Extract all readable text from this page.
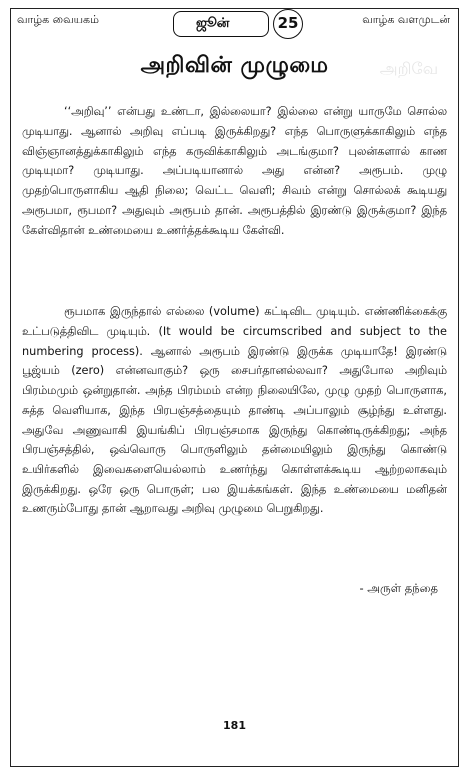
வாழ்க வையகம்	ஜூன்	25	வாழ்க வளமுடன்
அறிவின் முழுமை	அறிவே

‘‘அறிவு’’ என்பது உண்டா, இல்லையா? இல்லை என்று யாருமே சொல்ல முடியாது. ஆனால் அறிவு எப்படி இருக்கிறது? எந்த பொருளுக்காகிலும் எந்த விஞ்ஞானத்துக்காகிலும் எந்த கருவிக்காகிலும் அடங்குமா? புலன்களால் காண முடியுமா? முடியாது. அப்படியானால் அது என்ன? அரூபம். முழு முதற்பொருளாகிய ஆதி நிலை; வெட்ட வெளி; சிவம் என்று சொல்லக் கூடியது அரூபமா, ரூபமா? அதுவும் அரூபம் தான். அரூபத்தில் இரண்டு இருக்குமா? இந்த கேள்விதான் உண்மையை உணர்த்தக்கூடிய கேள்வி.

ரூபமாக இருந்தால் எல்லை (volume) கட்டிவிட முடியும். எண்ணிக்கைக்கு உட்படுத்திவிட முடியும். (It would be circumscribed and subject to the numbering process). ஆனால் அரூபம் இரண்டு இருக்க முடியாதே! இரண்டு பூஜ்யம் (zero) என்னவாகும்? ஒரு சைபர்தானல்லவா? அதுபோல அறிவும் பிரம்மமும் ஒன்றுதான். அந்த பிரம்மம் என்ற நிலையிலே, முழு முதற் பொருளாக, சுத்த வெளியாக, இந்த பிரபஞ்சத்தையும் தாண்டி அப்பாலும் சூழ்ந்து உள்ளது. அதுவே அணுவாகி இயங்கிப் பிரபஞ்சமாக இருந்து கொண்டிருக்கிறது; அந்த பிரபஞ்சத்தில், ஒவ்வொரு பொருளிலும் தன்மையிலும் இருந்து கொண்டு உயிர்களில் இவைகளையெல்லாம் உணர்ந்து கொள்ளக்கூடிய ஆற்றலாகவும் இருக்கிறது. ஒரே ஒரு பொருள்; பல இயக்கங்கள். இந்த உண்மையை மனிதன் உணரும்போது தான் ஆறாவது அறிவு முழுமை பெறுகிறது.

- அருள் தந்தை
181
